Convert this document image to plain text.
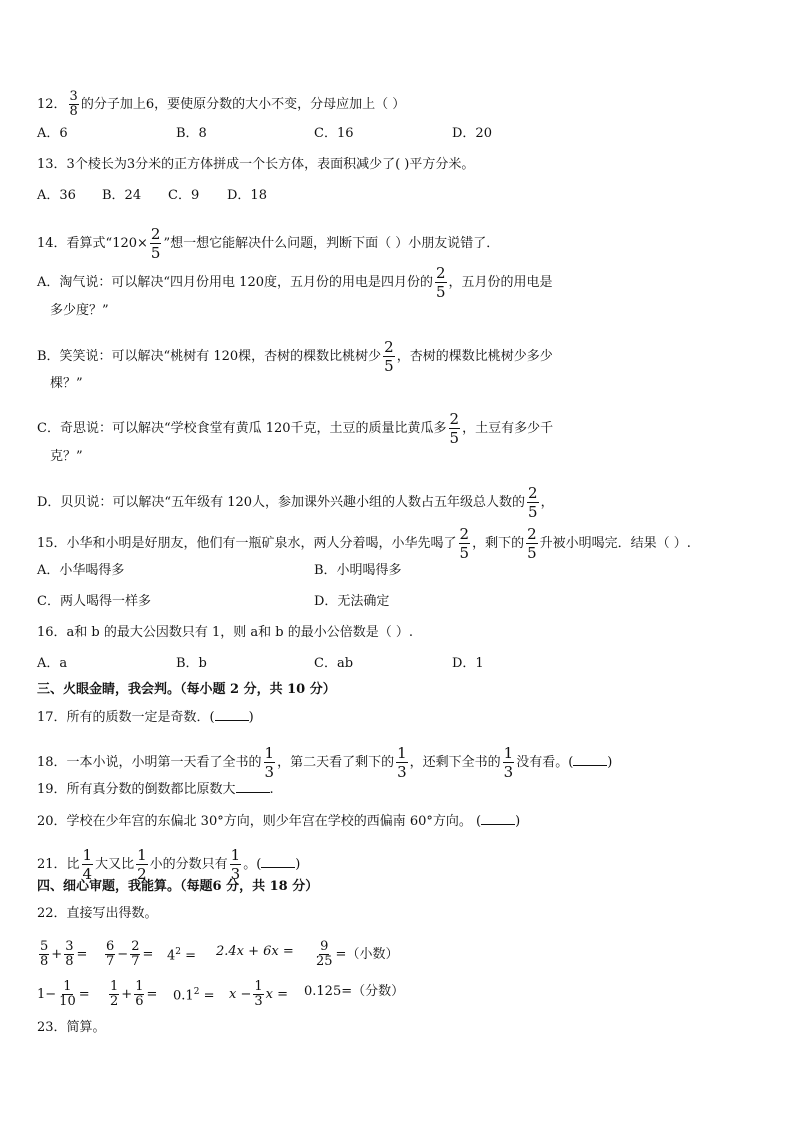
12． $\frac{3}{8}$ 的分子加上6，要使原分数的大小不变，分母应加上（ ）
A．6	B．8	C．16	D．20
13．3个棱长为3分米的正方体拼成一个长方体，表面积减少了( )平方分米。
A．36 B．24 C．9 D．18
14．看算式“$120\times \frac{2}{5}$ ”想一想它能解决什么问题，判断下面（ ）小朋友说错了．
A．淘气说：可以解决“四月份用电 120度，五月份的用电是四月份的 $\frac{2}{5}$ ，五月份的用电是
多少度？”
B．笑笑说：可以解决“桃树有 120棵，杏树的棵数比桃树少 $\frac{2}{5}$ ，杏树的棵数比桃树少多少
棵？”
C．奇思说：可以解决“学校食堂有黄瓜 120千克，土豆的质量比黄瓜多 $\frac{2}{5}$ ，土豆有多少千
克？”
D．贝贝说：可以解决“五年级有 120人，参加课外兴趣小组的人数占五年级总人数的 $\frac{2}{5}$ ，
15．小华和小明是好朋友，他们有一瓶矿泉水，两人分着喝，小华先喝了 $\frac{2}{5}$ ，剩下的 $\frac{2}{5}$ 升被小明喝完．结果（ ）.
A．小华喝得多	B．小明喝得多
C．两人喝得一样多	D．无法确定
16．a和 b 的最大公因数只有 1，则 a和 b 的最小公倍数是（ ）.
A．a	B．b	C．ab	D．1
三、火眼金睛，我会判。（每小题 2 分，共 10 分）
17．所有的质数一定是奇数．(	)
18．一本小说，小明第一天看了全书的 $\frac{1}{3}$ ，第二天看了剩下的 $\frac{1}{3}$ ，还剩下全书的 $\frac{1}{3}$ 没有看。(	)
19．所有真分数的倒数都比原数大	.
20．学校在少年宫的东偏北 30°方向，则少年宫在学校的西偏南 60°方向。 (	)
21．比 $\frac{1}{4}$ 大又比 $\frac{1}{2}$ 小的分数只有 $\frac{1}{3}$ 。(	)
四、细心审题，我能算。（每题6 分，共 18 分）
22．直接写出得数。
$\frac{5}{8} + \frac{3}{8} = \frac{6}{7} - \frac{2}{7} = 4^2 = 2.4x + 6x = \frac{9}{25}$ =（小数）
$1- \frac{1}{10} = \frac{1}{2} + \frac{1}{6} = 0.1^2 = x - \frac{1}{3}$ x = 0.125=（分数）
23．简算。
